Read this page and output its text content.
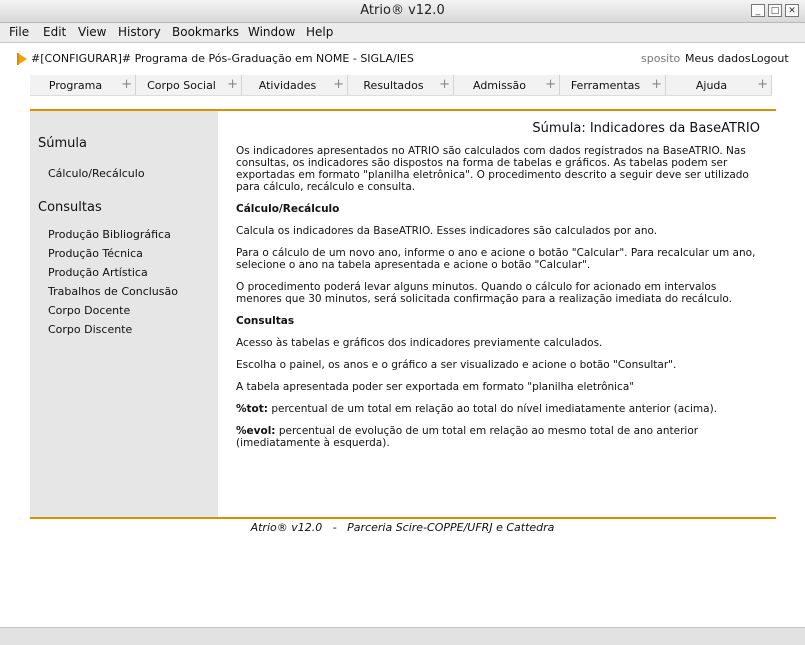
Atrio® v12.0	_	□ ✕
File Edit View History Bookmarks Window Help
#[CONFIGURAR]# Programa de Pós-Graduação em NOME - SIGLA/IES	sposito Meus dados Logout
Programa	+	Corpo Social +	Atividades	+	Resultados	+	Admissão	+	Ferramentas +	Ajuda	+
Súmula
Cálculo/Recálculo
Consultas
Produção Bibliográfica
Produção Técnica
Produção Artística
Trabalhos de Conclusão
Corpo Docente
Corpo Discente
Súmula: Indicadores da BaseATRIO

Os indicadores apresentados no ATRIO são calculados com dados registrados na BaseATRIO. Nas consultas, os indicadores são dispostos na forma de tabelas e gráficos. As tabelas podem ser exportadas em formato "planilha eletrônica". O procedimento descrito a seguir deve ser utilizado para cálculo, recálculo e consulta.

Cálculo/Recálculo

Calcula os indicadores da BaseATRIO. Esses indicadores são calculados por ano.

Para o cálculo de um novo ano, informe o ano e acione o botão "Calcular". Para recalcular um ano, selecione o ano na tabela apresentada e acione o botão "Calcular".

O procedimento poderá levar alguns minutos. Quando o cálculo for acionado em intervalos menores que 30 minutos, será solicitada confirmação para a realização imediata do recálculo.

Consultas

Acesso às tabelas e gráficos dos indicadores previamente calculados.

Escolha o painel, os anos e o gráfico a ser visualizado e acione o botão "Consultar".

A tabela apresentada poder ser exportada em formato "planilha eletrônica"

%tot: percentual de um total em relação ao total do nível imediatamente anterior (acima).

%evol: percentual de evolução de um total em relação ao mesmo total de ano anterior (imediatamente à esquerda).

Atrio® v12.0   -   Parceria Scire-COPPE/UFRJ e Cattedra
